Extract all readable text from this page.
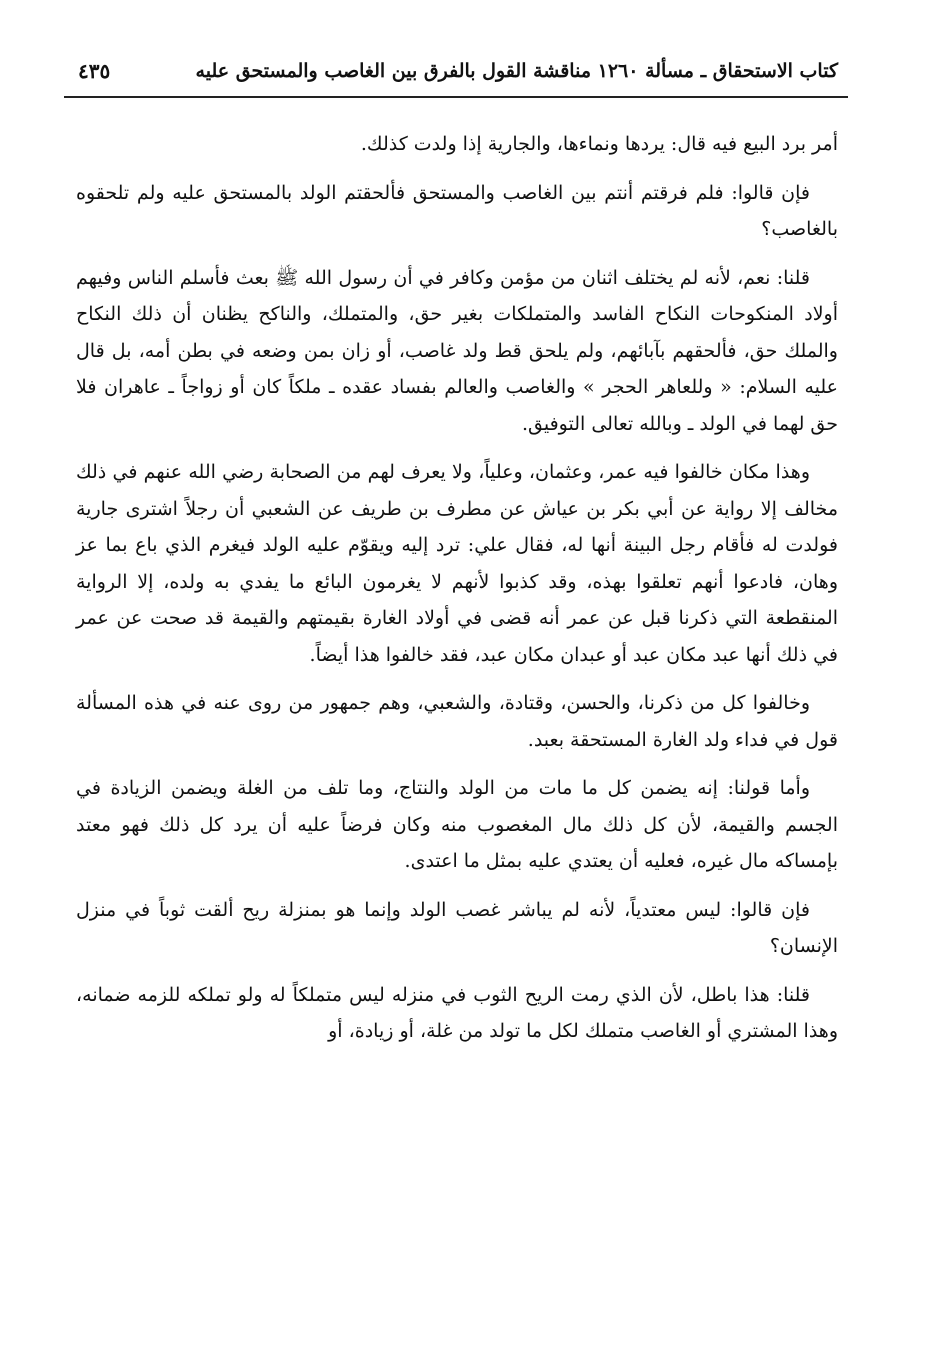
كتاب الاستحقاق ـ مسألة ١٢٦٠ مناقشة القول بالفرق بين الغاصب والمستحق عليه
٤٣٥

أمر برد البيع فيه قال: يردها ونماءها، والجارية إذا ولدت كذلك.

فإن قالوا: فلم فرقتم أنتم بين الغاصب والمستحق فألحقتم الولد بالمستحق عليه ولم تلحقوه بالغاصب؟

قلنا: نعم، لأنه لم يختلف اثنان من مؤمن وكافر في أن رسول الله ﷺ بعث فأسلم الناس وفيهم أولاد المنكوحات النكاح الفاسد والمتملكات بغير حق، والمتملك، والناكح يظنان أن ذلك النكاح والملك حق، فألحقهم بآبائهم، ولم يلحق قط ولد غاصب، أو زان بمن وضعه في بطن أمه، بل قال عليه السلام: « وللعاهر الحجر » والغاصب والعالم بفساد عقده ـ ملكاً كان أو زواجاً ـ عاهران فلا حق لهما في الولد ـ وبالله تعالى التوفيق.

وهذا مكان خالفوا فيه عمر، وعثمان، وعلياً، ولا يعرف لهم من الصحابة رضي الله عنهم في ذلك مخالف إلا رواية عن أبي بكر بن عياش عن مطرف بن طريف عن الشعبي أن رجلاً اشترى جارية فولدت له فأقام رجل البينة أنها له، فقال علي: ترد إليه ويقوّم عليه الولد فيغرم الذي باع بما عز وهان، فادعوا أنهم تعلقوا بهذه، وقد كذبوا لأنهم لا يغرمون البائع ما يفدي به ولده، إلا الرواية المنقطعة التي ذكرنا قبل عن عمر أنه قضى في أولاد الغارة بقيمتهم والقيمة قد صحت عن عمر في ذلك أنها عبد مكان عبد أو عبدان مكان عبد، فقد خالفوا هذا أيضاً.

وخالفوا كل من ذكرنا، والحسن، وقتادة، والشعبي، وهم جمهور من روى عنه في هذه المسألة قول في فداء ولد الغارة المستحقة بعبد.

وأما قولنا: إنه يضمن كل ما مات من الولد والنتاج، وما تلف من الغلة ويضمن الزيادة في الجسم والقيمة، لأن كل ذلك مال المغصوب منه وكان فرضاً عليه أن يرد كل ذلك فهو معتد بإمساكه مال غيره، فعليه أن يعتدي عليه بمثل ما اعتدى.

فإن قالوا: ليس معتدياً، لأنه لم يباشر غصب الولد وإنما هو بمنزلة ريح ألقت ثوباً في منزل الإنسان؟

قلنا: هذا باطل، لأن الذي رمت الريح الثوب في منزله ليس متملكاً له ولو تملكه للزمه ضمانه، وهذا المشتري أو الغاصب متملك لكل ما تولد من غلة، أو زيادة، أو
